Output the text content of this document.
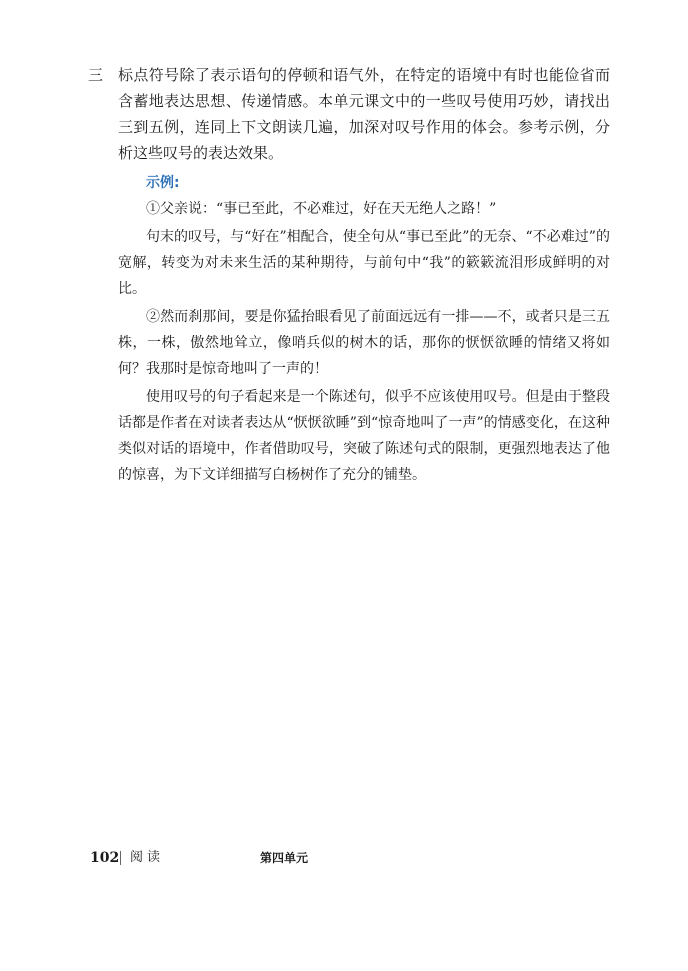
三 标点符号除了表示语句的停顿和语气外，在特定的语境中有时也能俭省而含蓄地表达思想、传递情感。本单元课文中的一些叹号使用巧妙，请找出三到五例，连同上下文朗读几遍，加深对叹号作用的体会。参考示例，分析这些叹号的表达效果。
示例:

①父亲说：“事已至此，不必难过，好在天无绝人之路！”

句末的叹号，与“好在”相配合，使全句从“事已至此”的无奈、“不必难过”的宽解，转变为对未来生活的某种期待，与前句中“我”的簌簌流泪形成鲜明的对比。

②然而刹那间，要是你猛抬眼看见了前面远远有一排——不，或者只是三五株，一株，傲然地耸立，像哨兵似的树木的话，那你的恹恹欲睡的情绪又将如何？我那时是惊奇地叫了一声的！

使用叹号的句子看起来是一个陈述句，似乎不应该使用叹号。但是由于整段话都是作者在对读者表达从“恹恹欲睡”到“惊奇地叫了一声”的情感变化，在这种类似对话的语境中，作者借助叹号，突破了陈述句式的限制，更强烈地表达了他的惊喜，为下文详细描写白杨树作了充分的铺垫。

102 阅读	第四单元
